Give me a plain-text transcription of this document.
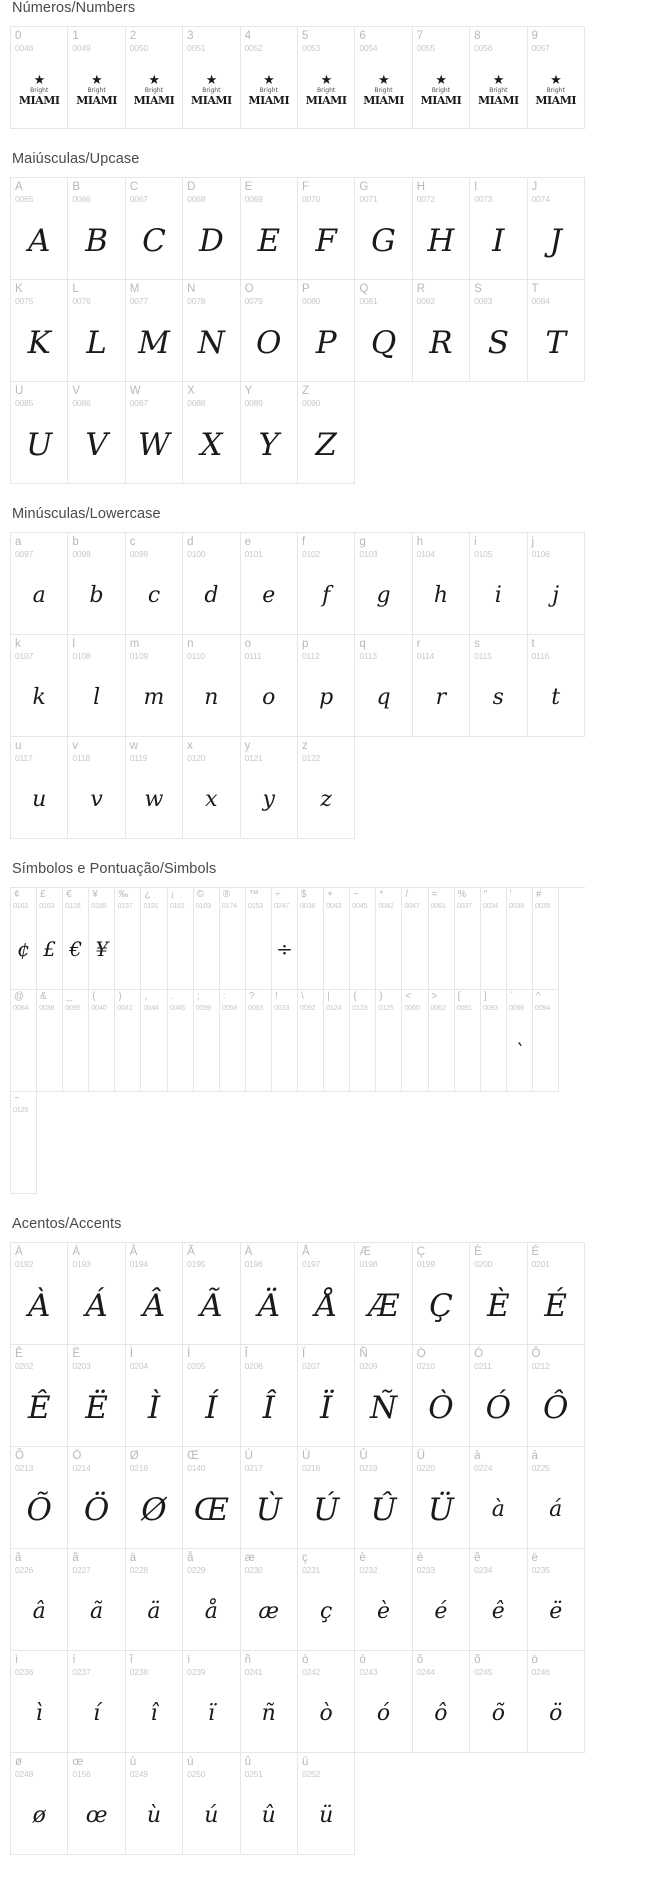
Números/Numbers
0
0048
★
Bright
MIAMI
1
0049
★
Bright
MIAMI
2
0050
★
Bright
MIAMI
3
0051
★
Bright
MIAMI
4
0052
★
Bright
MIAMI
5
0053
★
Bright
MIAMI
6
0054
★
Bright
MIAMI
7
0055
★
Bright
MIAMI
8
0056
★
Bright
MIAMI
9
0057
★
Bright
MIAMI
Maiúsculas/Upcase
A
0065
A
B
0066
B
C
0067
C
D
0068
D
E
0069
E
F
0070
F
G
0071
G
H
0072
H
I
0073
I
J
0074
J
K
0075
K
L
0076
L
M
0077
M
N
0078
N
O
0079
O
P
0080
P
Q
0081
Q
R
0082
R
S
0083
S
T
0084
T
U
0085
U
V
0086
V
W
0087
W
X
0088
X
Y
0089
Y
Z
0090
Z
Minúsculas/Lowercase
a
0097
a
b
0098
b
c
0099
c
d
0100
d
e
0101
e
f
0102
f
g
0103
g
h
0104
h
i
0105
i
j
0106
j
k
0107
k
l
0108
l
m
0109
m
n
0110
n
o
0111
o
p
0112
p
q
0113
q
r
0114
r
s
0115
s
t
0116
t
u
0117
u
v
0118
v
w
0119
w
x
0120
x
y
0121
y
z
0122
z
Símbolos e Pontuação/Simbols
¢
0162
¢
£
0163
£
€
0128
€
¥
0165
¥
‰
0137
¿
0191
¡
0161
©
0169
®
0174
™
0153
÷
0247
÷
$
0036
+
0043
−
0045
*
0042
/
0047
=
0061
%
0037
"
0034
'
0039
#
0035
@
0064
&
0038
_
0095
(
0040
)
0041
,
0044
.
0046
;
0059
:
0058
?
0063
!
0033
\
0092
|
0124
{
0123
}
0125
<
0060
>
0062
[
0091
]
0093
`
0096
`
^
0094
~
0126
Acentos/Accents
À
0192
À
Á
0193
Á
Â
0194
Â
Ã
0195
Ã
Ä
0196
Ä
Å
0197
Å
Æ
0198
Æ
Ç
0199
Ç
È
0200
È
É
0201
É
Ê
0202
Ê
Ë
0203
Ë
Ì
0204
Ì
Í
0205
Í
Î
0206
Î
Ï
0207
Ï
Ñ
0209
Ñ
Ò
0210
Ò
Ó
0211
Ó
Ô
0212
Ô
Õ
0213
Õ
Ö
0214
Ö
Ø
0216
Ø
Œ
0140
Œ
Ù
0217
Ù
Ú
0218
Ú
Û
0219
Û
Ü
0220
Ü
à
0224
à
á
0225
á
â
0226
â
ã
0227
ã
ä
0228
ä
å
0229
å
æ
0230
æ
ç
0231
ç
è
0232
è
é
0233
é
ê
0234
ê
ë
0235
ë
ì
0236
ì
í
0237
í
î
0238
î
ï
0239
ï
ñ
0241
ñ
ò
0242
ò
ó
0243
ó
ô
0244
ô
õ
0245
õ
ö
0246
ö
ø
0248
ø
œ
0156
œ
ù
0249
ù
ú
0250
ú
û
0251
û
ü
0252
ü
